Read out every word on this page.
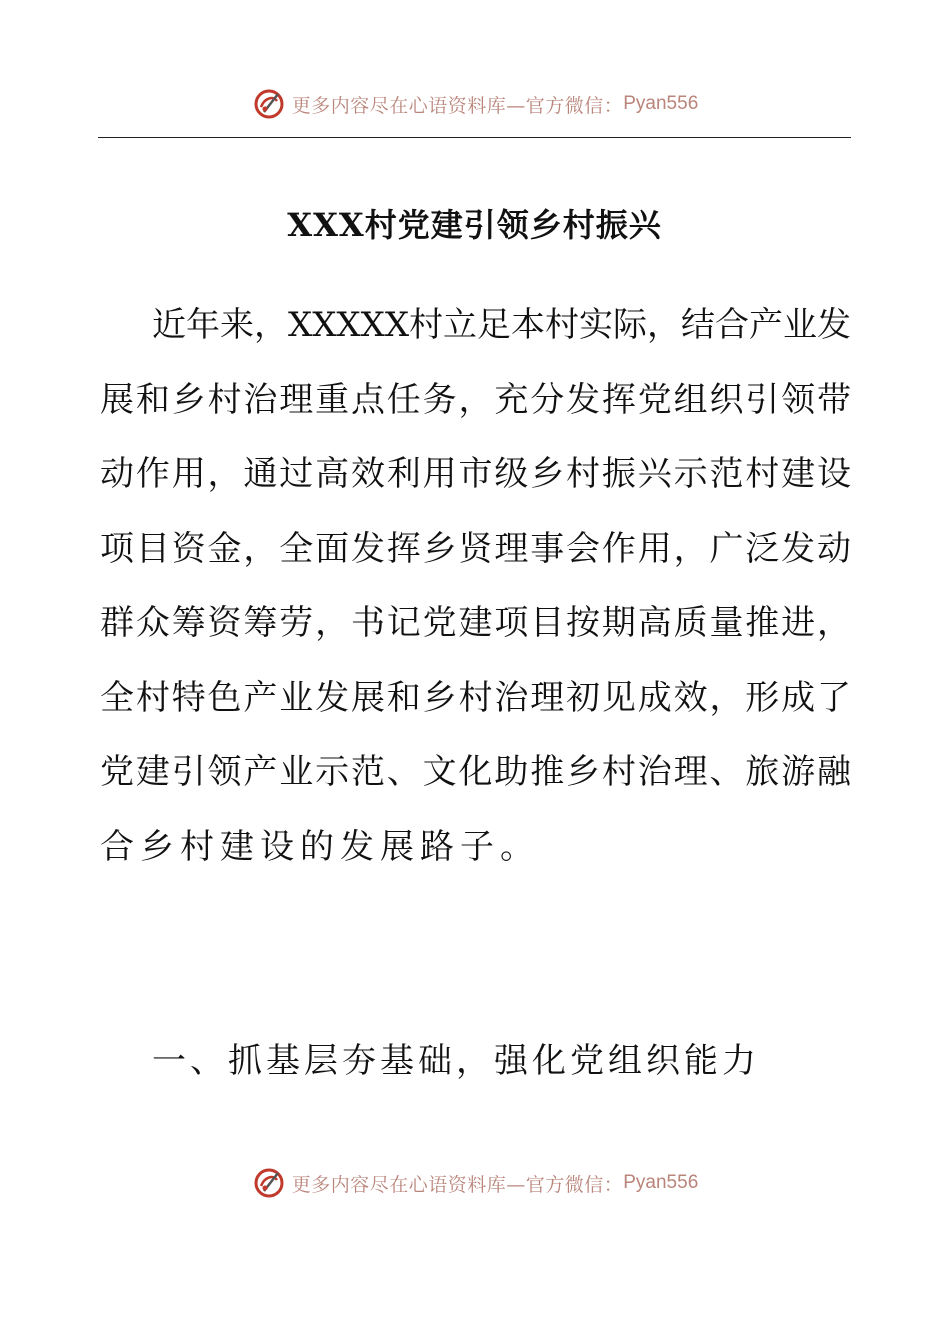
更多内容尽在心语资料库—官方微信： Pyan556
XXX村党建引领乡村振兴
近年来，XXXXX村立足本村实际，结合产业发
展和乡村治理重点任务，充分发挥党组织引领带
动作用，通过高效利用市级乡村振兴示范村建设
项目资金，全面发挥乡贤理事会作用，广泛发动
群众筹资筹劳，书记党建项目按期高质量推进，
全村特色产业发展和乡村治理初见成效，形成了
党建引领产业示范、文化助推乡村治理、旅游融
合乡村建设的发展路子。
一、抓基层夯基础，强化党组织能力
更多内容尽在心语资料库—官方微信： Pyan556
